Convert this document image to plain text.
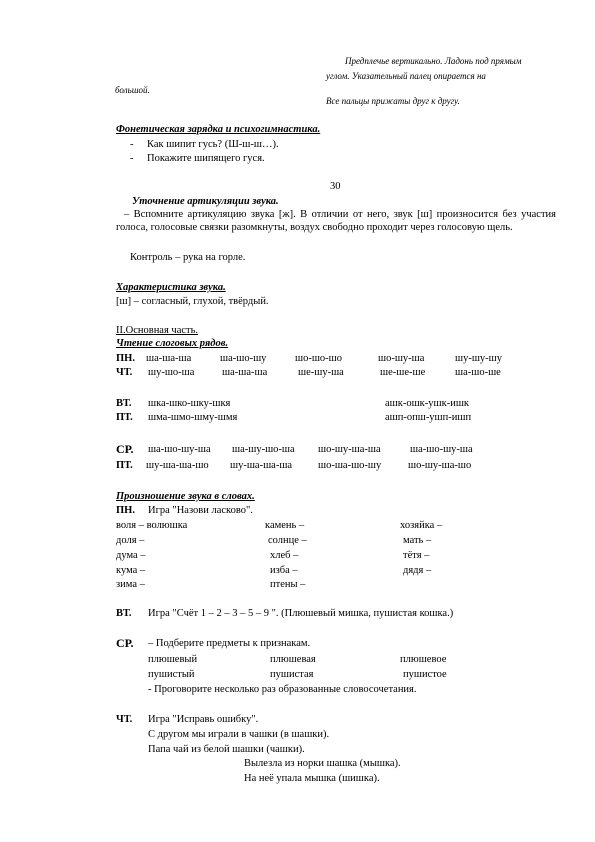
Предплечье вертикально. Ладонь под прямым
углом. Указательный палец опирается на
большой.
Все пальцы прижаты друг к другу.
Фонетическая зарядка и психогимнастика.
- Как шипит гусь? (Ш-ш-ш…).
- Покажите шипящего гуся.
30
Уточнение артикуляции звука.
– Вспомните артикуляцию звука [ж]. В отличии от него, звук [ш] произносится без участия голоса, голосовые связки разомкнуты, воздух свободно проходит через голосовую щель.
Контроль – рука на горле.
Характеристика звука.
[ш] – согласный, глухой, твёрдый.
II.Основная часть.
Чтение слоговых рядов.
ПН. ша-ша-ша	ша-шо-шу	шо-шо-шо	шо-шу-ша	шу-шу-шу
ЧТ. шу-шо-ша	ша-ша-ша	ше-шу-ша	ше-ше-ше	ша-шо-ше
ВТ. шка-шко-шку-шкя	ашк-ошк-ушк-ишк
ПТ. шма-шмо-шму-шмя	ашп-опш-ушп-ишп
СР. ша-шо-шу-ша ша-шу-шо-ша шо-шу-ша-ша	ша-шо-шу-ша
ПТ. шу-ша-ша-шо шу-ша-ша-ша шо-ша-шо-шу	шо-шу-ша-шо
Произношение звука в словах.
ПН. Игра "Назови ласково".
воля – волюшка	камень –	хозяйка –
доля –	солнце –	мать –
дума –	хлеб –	тётя –
кума –	изба –	дядя –
зима –	птены –
ВТ. Игра "Счёт 1 – 2 – 3 – 5 – 9 ". (Плюшевый мишка, пушистая кошка.)
СР. – Подберите предметы к признакам.
плюшевый	плюшевая	плюшевое
пушистый	пушистая	пушистое
- Проговорите несколько раз образованные словосочетания.
ЧТ. Игра "Исправь ошибку".
С другом мы играли в чашки (в шашки).
Папа чай из белой шашки (чашки).
Вылезла из норки шашка (мышка).
На неё упала мышка (шишка).
